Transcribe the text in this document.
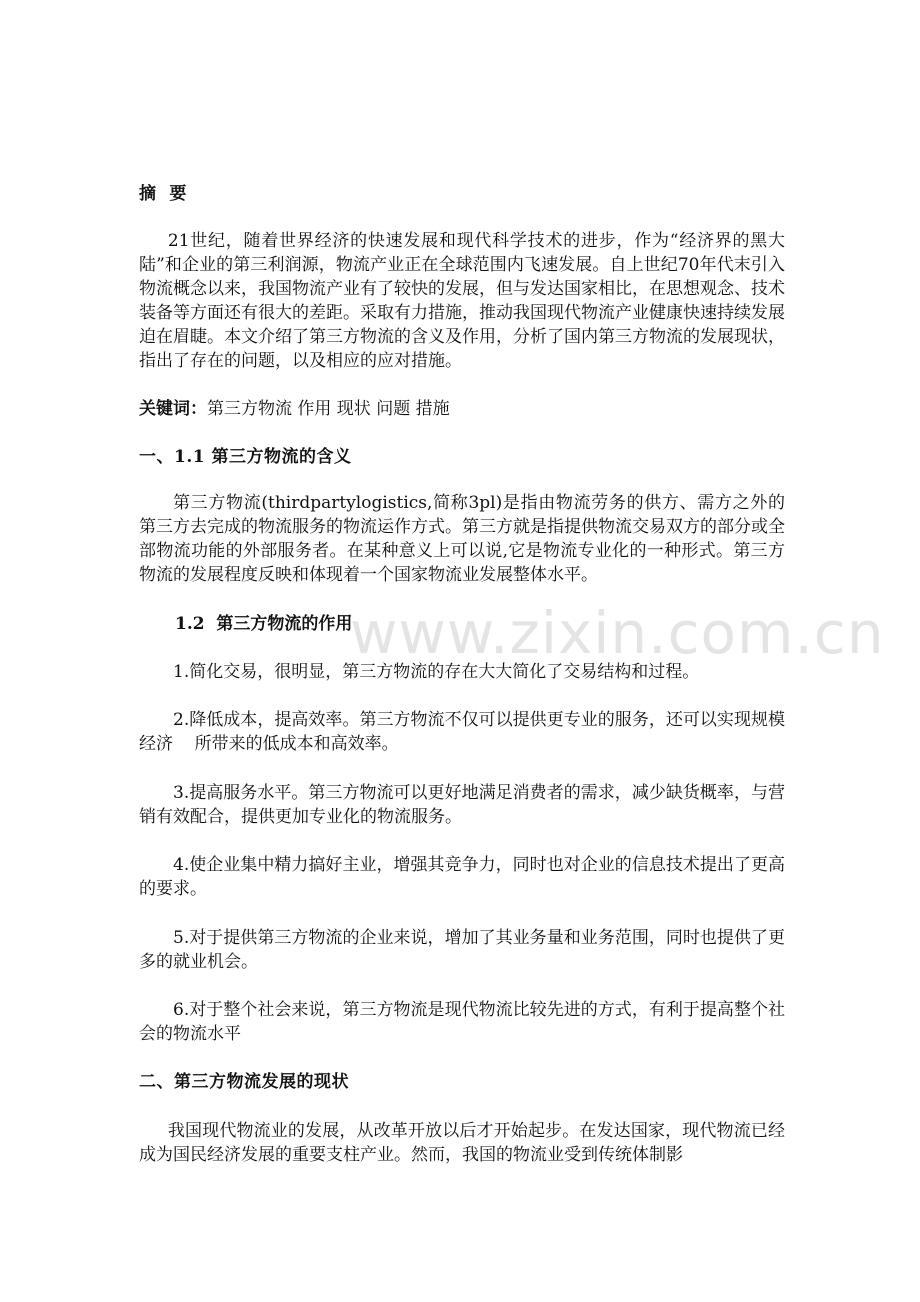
摘  要

21世纪，随着世界经济的快速发展和现代科学技术的进步，作为“经济界的黑大陆”和企业的第三利润源，物流产业正在全球范围内飞速发展。自上世纪70年代末引入物流概念以来，我国物流产业有了较快的发展，但与发达国家相比，在思想观念、技术装备等方面还有很大的差距。采取有力措施，推动我国现代物流产业健康快速持续发展迫在眉睫。本文介绍了第三方物流的含义及作用，分析了国内第三方物流的发展现状，指出了存在的问题，以及相应的应对措施。

关键词：第三方物流 作用 现状 问题 措施

一、1.1 第三方物流的含义

第三方物流(thirdpartylogistics,简称3pl)是指由物流劳务的供方、需方之外的第三方去完成的物流服务的物流运作方式。第三方就是指提供物流交易双方的部分或全部物流功能的外部服务者。在某种意义上可以说,它是物流专业化的一种形式。第三方物流的发展程度反映和体现着一个国家物流业发展整体水平。

1.2  第三方物流的作用

1.简化交易，很明显，第三方物流的存在大大简化了交易结构和过程。

2.降低成本，提高效率。第三方物流不仅可以提供更专业的服务，还可以实现规模经济    所带来的低成本和高效率。

3.提高服务水平。第三方物流可以更好地满足消费者的需求，减少缺货概率，与营销有效配合，提供更加专业化的物流服务。

4.使企业集中精力搞好主业，增强其竞争力，同时也对企业的信息技术提出了更高的要求。

5.对于提供第三方物流的企业来说，增加了其业务量和业务范围，同时也提供了更多的就业机会。

6.对于整个社会来说，第三方物流是现代物流比较先进的方式，有利于提高整个社会的物流水平

二、第三方物流发展的现状

我国现代物流业的发展，从改革开放以后才开始起步。在发达国家，现代物流已经成为国民经济发展的重要支柱产业。然而，我国的物流业受到传统体制影

www.zixin.com.cn
